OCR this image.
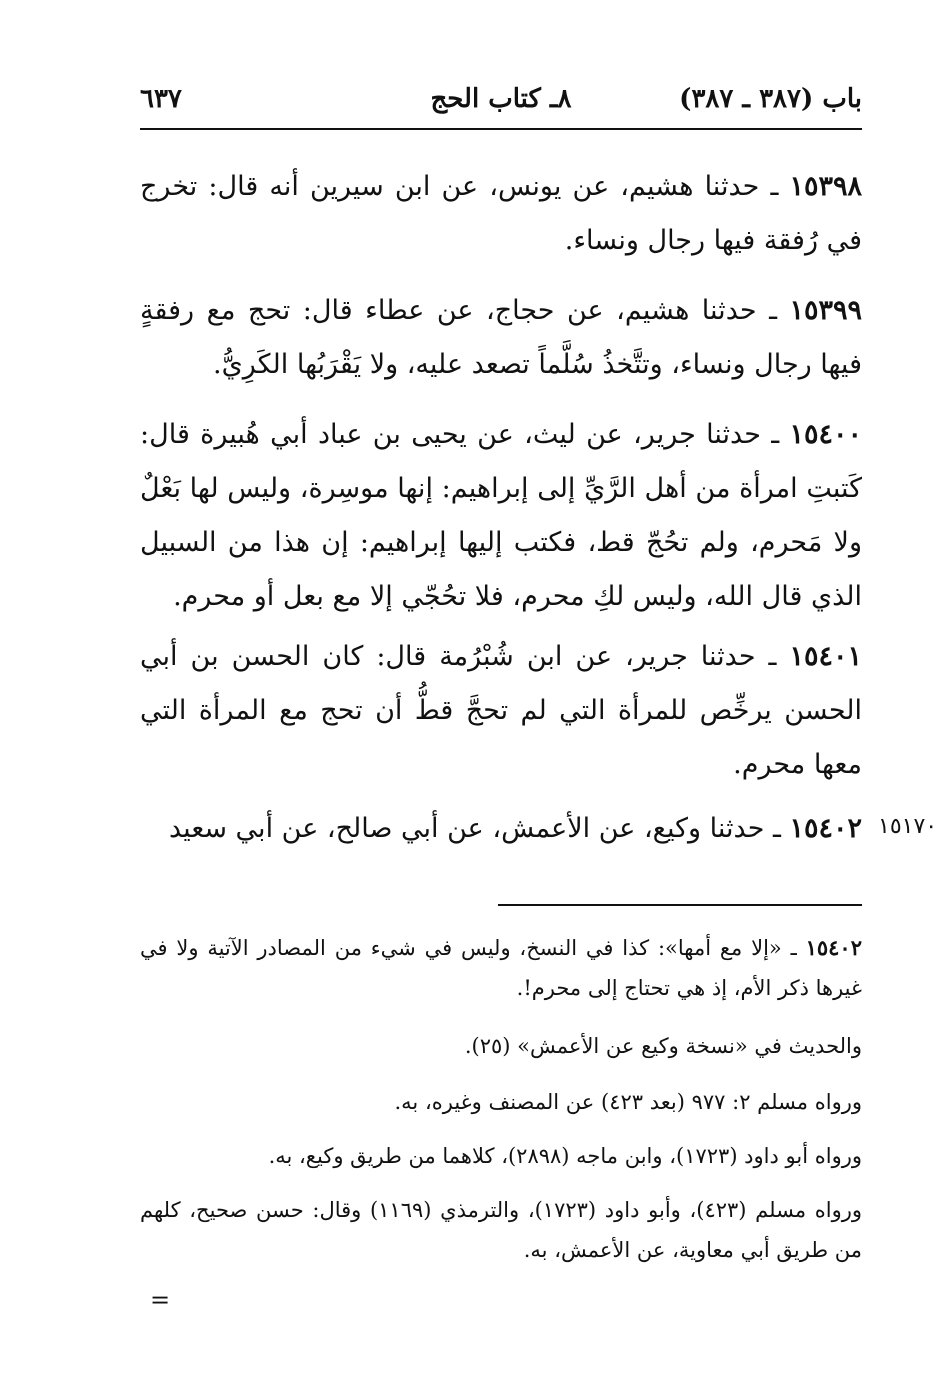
باب (٣٨٧ ـ ٣٨٧)
٨ـ كتاب الحج
٦٣٧
١٥٣٩٨ ـ حدثنا هشيم، عن يونس، عن ابن سيرين أنه قال: تخرج في رُفقة فيها رجال ونساء.
١٥٣٩٩ ـ حدثنا هشيم، عن حجاج، عن عطاء قال: تحج مع رفقةٍ فيها رجال ونساء، وتتَّخذُ سُلَّماً تصعد عليه، ولا يَقْرَبُها الكَرِيُّ.
١٥٤٠٠ ـ حدثنا جرير، عن ليث، عن يحيى بن عباد أبي هُبيرة قال: كَتبتِ امرأة من أهل الرَّيِّ إلى إبراهيم: إنها موسِرة، وليس لها بَعْلٌ ولا مَحرم، ولم تحُجّ قط، فكتب إليها إبراهيم: إن هذا من السبيل الذي قال الله، وليس لكِ محرم، فلا تحُجّي إلا مع بعل أو محرم.
١٥٤٠١ ـ حدثنا جرير، عن ابن شُبْرُمة قال: كان الحسن بن أبي الحسن يرخِّص للمرأة التي لم تحجَّ قطُّ أن تحج مع المرأة التي معها محرم.
١٥٤٠٢ ـ حدثنا وكيع، عن الأعمش، عن أبي صالح، عن أبي سعيد	١٥١٧٠
١٥٤٠٢ ـ «إلا مع أمها»: كذا في النسخ، وليس في شيء من المصادر الآتية ولا في غيرها ذكر الأم، إذ هي تحتاج إلى محرم!.
والحديث في «نسخة وكيع عن الأعمش» (٢٥).
ورواه مسلم ٢: ٩٧٧ (بعد ٤٢٣) عن المصنف وغيره، به.
ورواه أبو داود (١٧٢٣)، وابن ماجه (٢٨٩٨)، كلاهما من طريق وكيع، به.
ورواه مسلم (٤٢٣)، وأبو داود (١٧٢٣)، والترمذي (١١٦٩) وقال: حسن صحيح، كلهم من طريق أبي معاوية، عن الأعمش، به.
=
